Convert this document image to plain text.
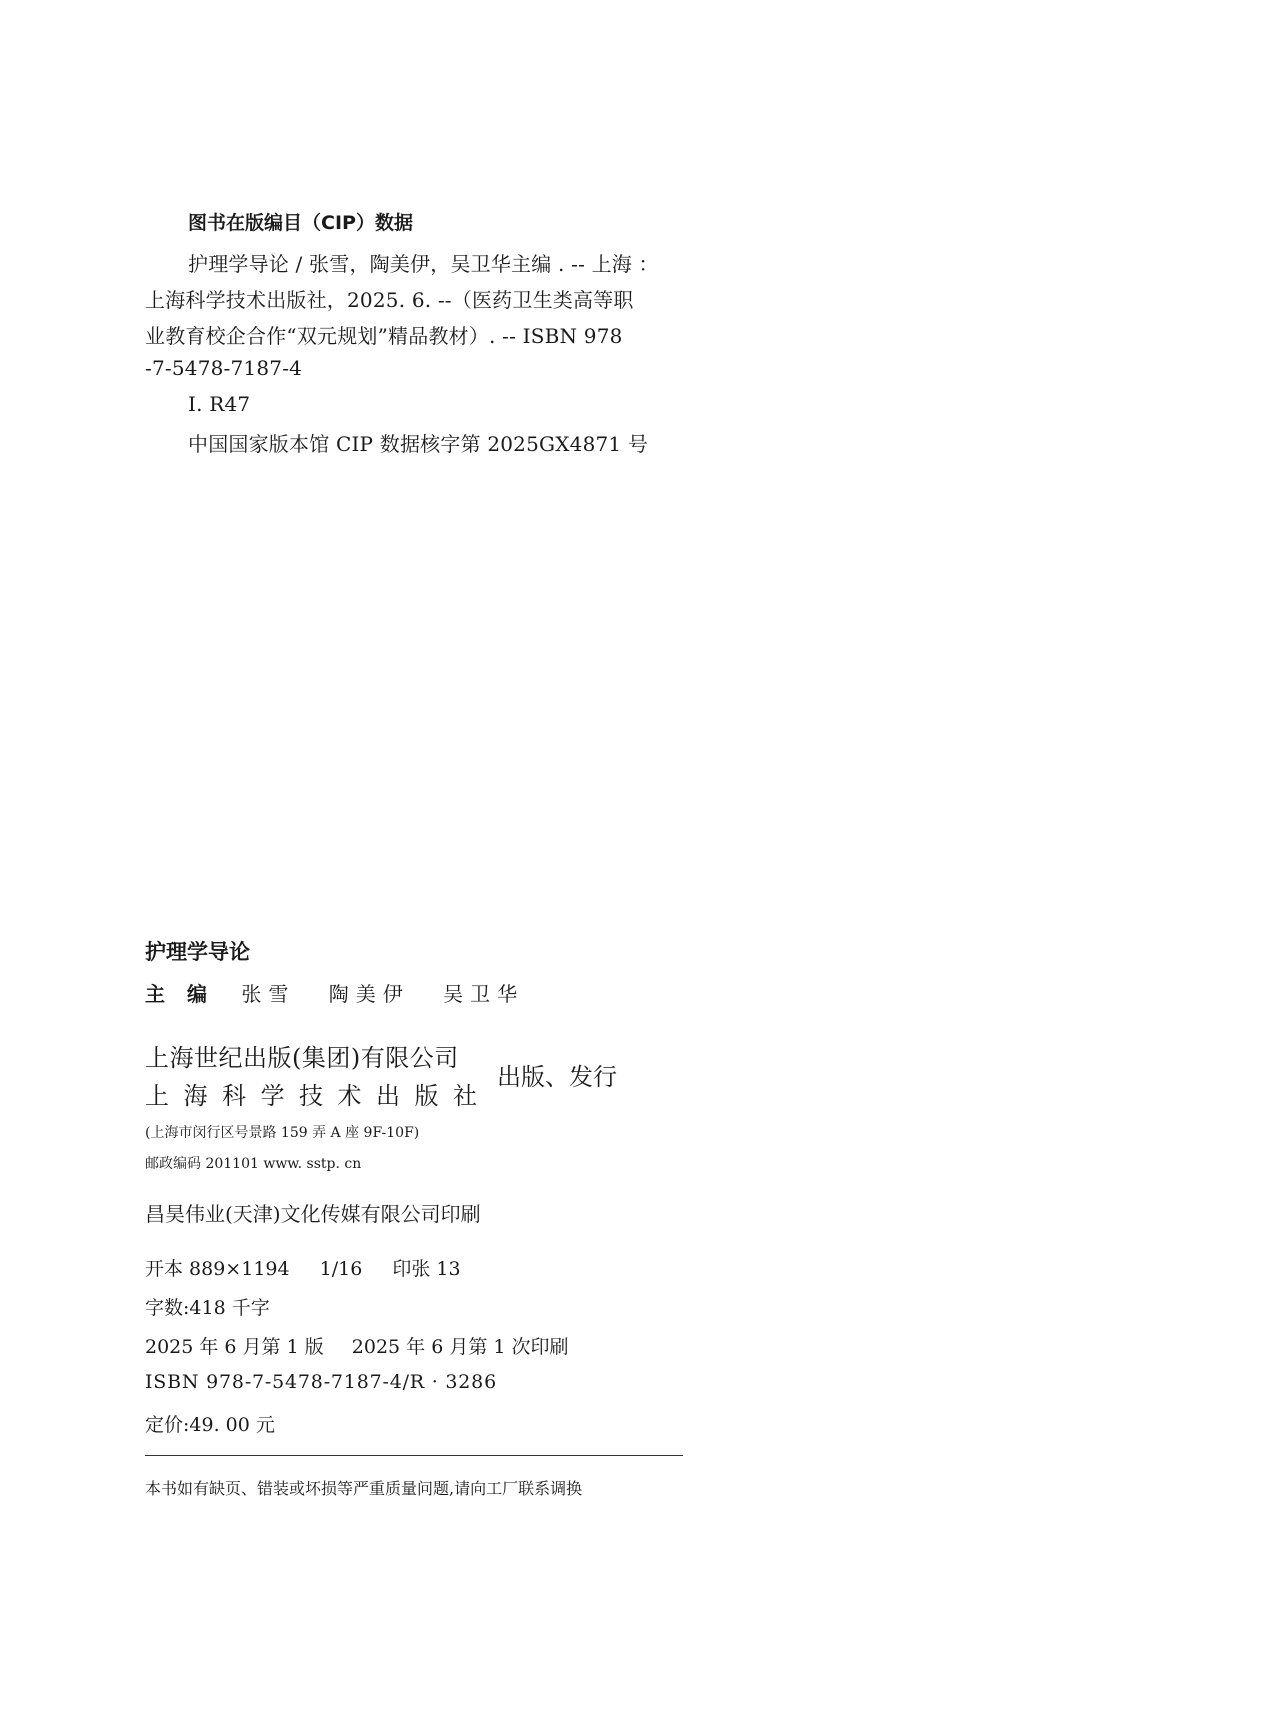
图书在版编目（CIP）数据
护理学导论 / 张雪，陶美伊，吴卫华主编 . -- 上海 ：
上海科学技术出版社，2025. 6. --（医药卫生类高等职
业教育校企合作“双元规划”精品教材）. -- ISBN 978
-7-5478-7187-4
Ⅰ. R47
中国国家版本馆 CIP 数据核字第 2025GX4871 号
护理学导论
主编 张雪 陶美伊 吴卫华
上海世纪出版(集团)有限公司
上海科学技术出版社
出版、发行
(上海市闵行区号景路 159 弄 A 座 9F-10F)
邮政编码 201101 www. sstp. cn
昌昊伟业(天津)文化传媒有限公司印刷
开本 889×1194 1/16 印张 13
字数:418 千字
2025 年 6 月第 1 版 2025 年 6 月第 1 次印刷
ISBN 978-7-5478-7187-4/R · 3286
定价:49. 00 元
本书如有缺页、错装或坏损等严重质量问题,请向工厂联系调换
